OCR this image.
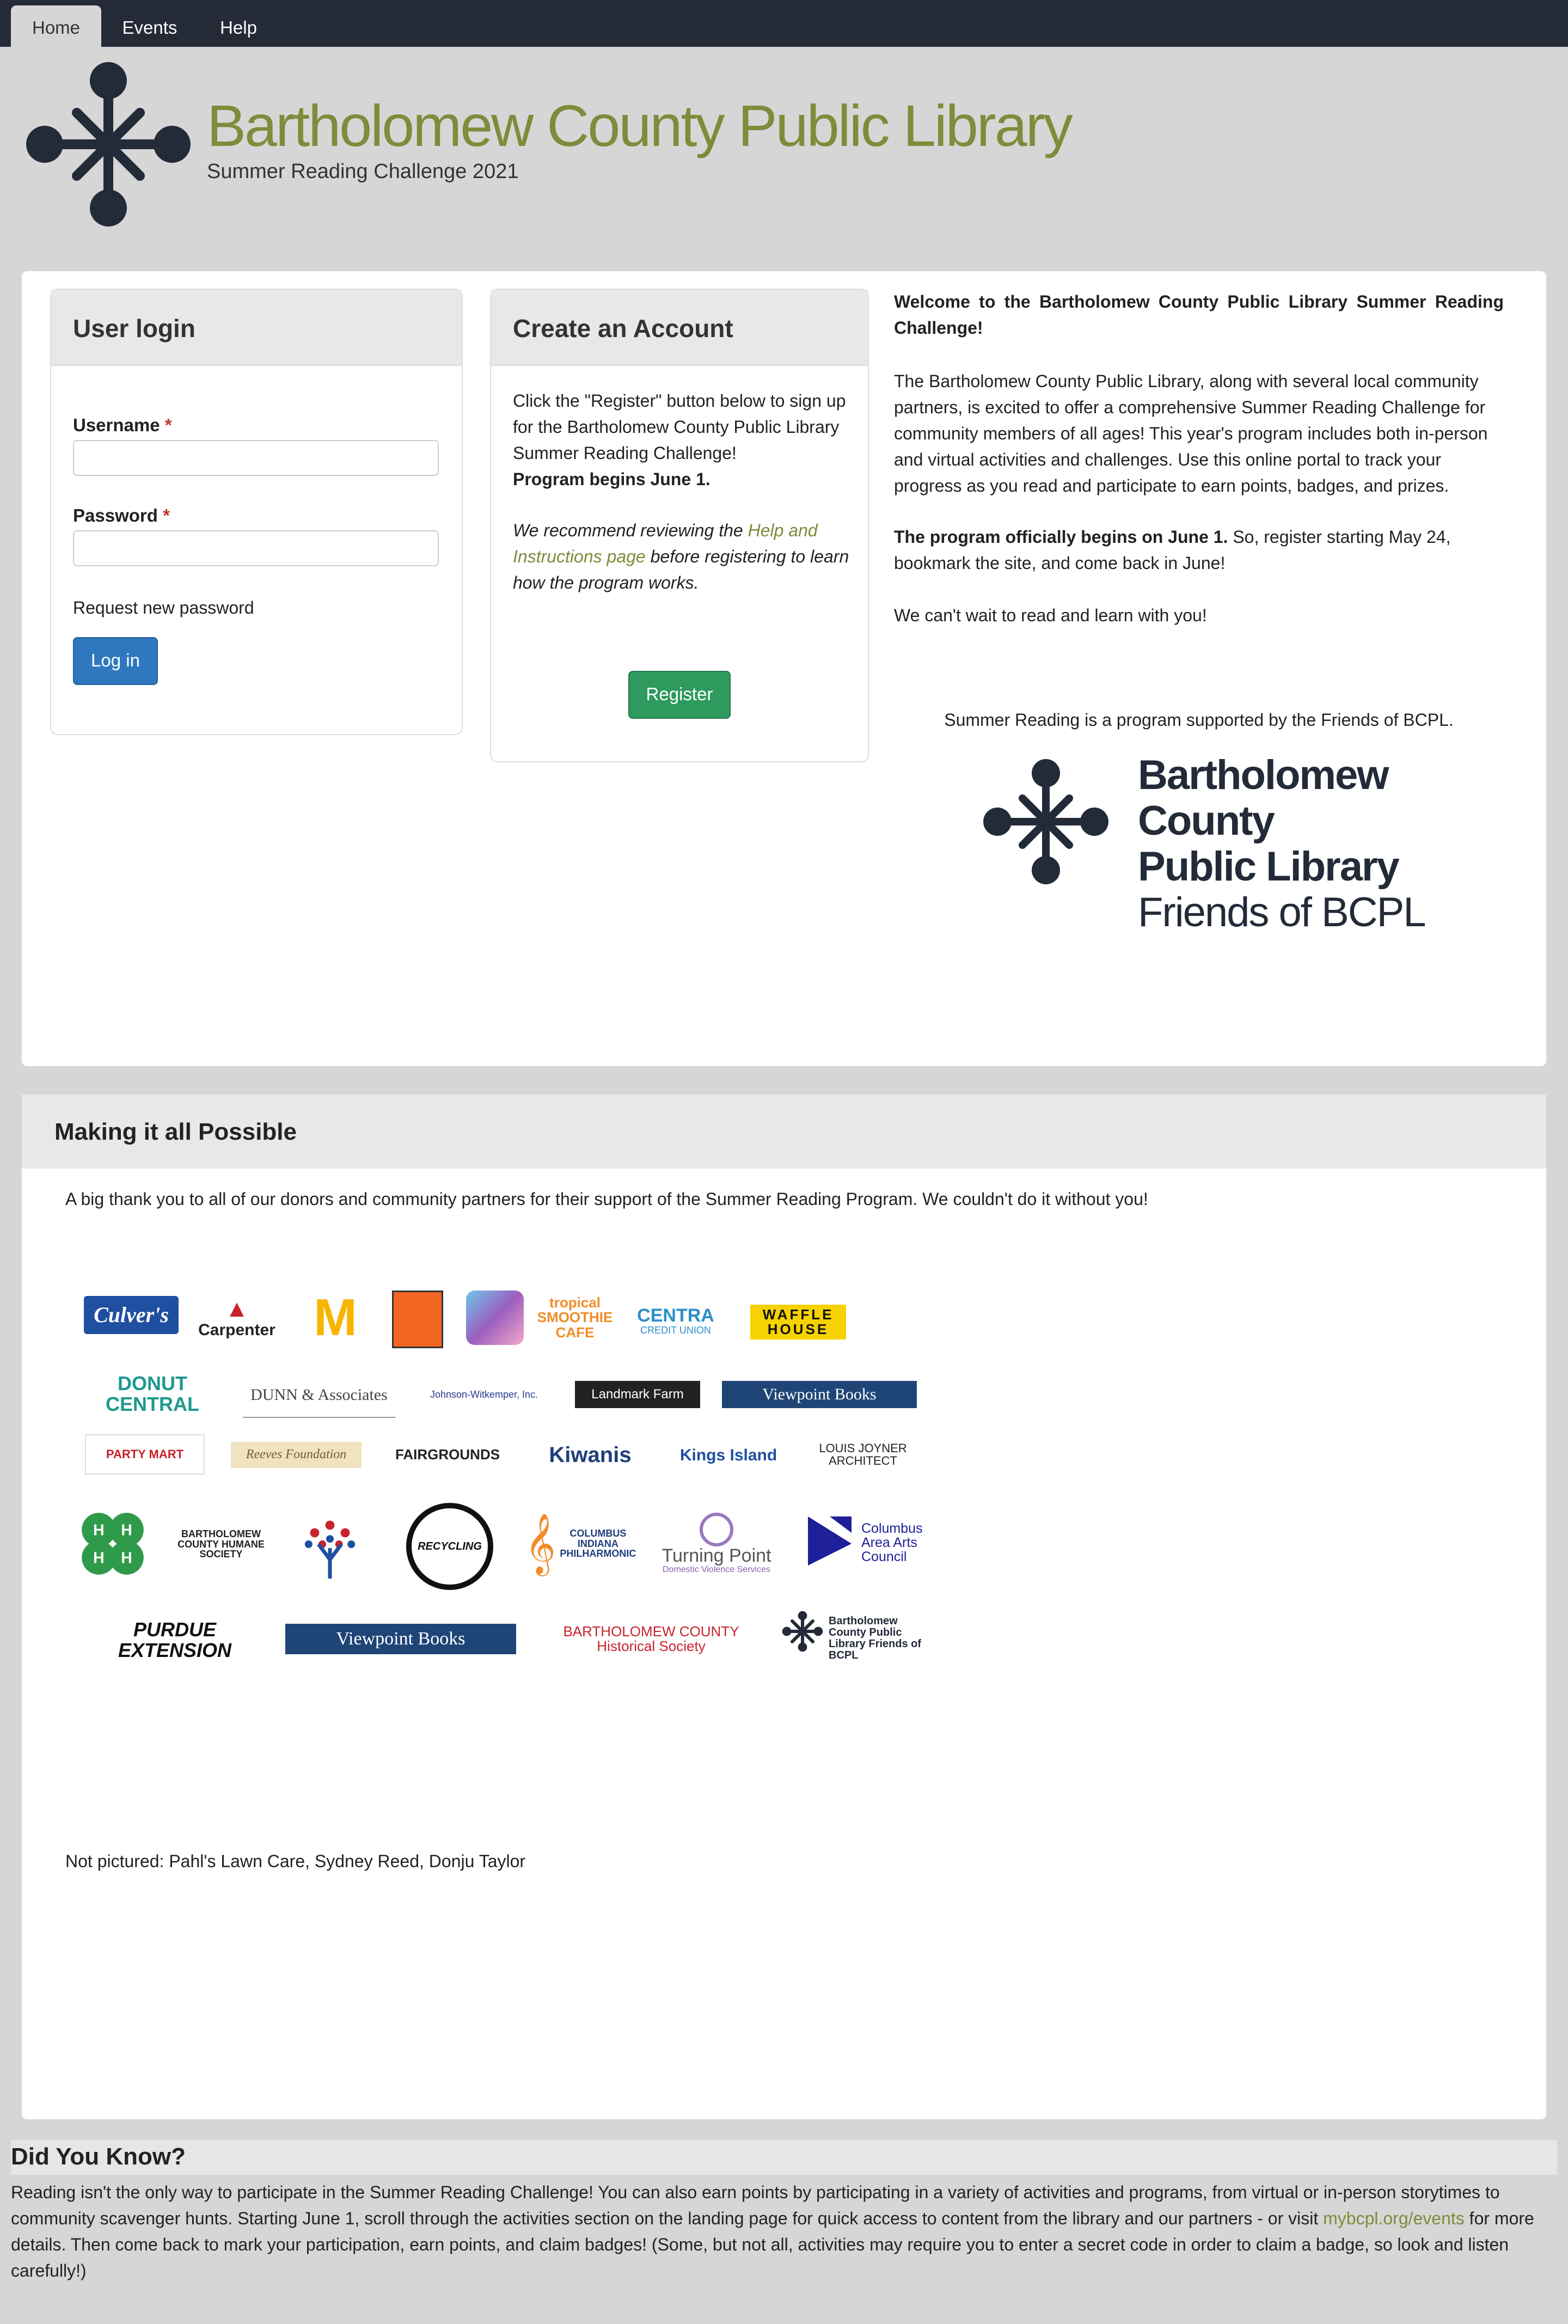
Home	Events	Help
Bartholomew County Public Library
Summer Reading Challenge 2021
User login
Username *
Password *
Request new password
Log in
Create an Account
Click the "Register" button below to sign up for the Bartholomew County Public Library Summer Reading Challenge!
Program begins June 1.
We recommend reviewing the Help and Instructions page before registering to learn how the program works.
Register
Welcome to the Bartholomew County Public Library Summer Reading Challenge!
The Bartholomew County Public Library, along with several local community partners, is excited to offer a comprehensive Summer Reading Challenge for community members of all ages! This year's program includes both in-person and virtual activities and challenges. Use this online portal to track your progress as you read and participate to earn points, badges, and prizes.
The program officially begins on June 1. So, register starting May 24, bookmark the site, and come back in June!
We can't wait to read and learn with you!
Summer Reading is a program supported by the Friends of BCPL.
Bartholomew
County
Public Library
Friends of BCPL
Making it all Possible
A big thank you to all of our donors and community partners for their support of the Summer Reading Program. We couldn't do it without you!
Culver's	▲
Carpenter M	tropical SMOOTHIE CAFE
CENTRA
CREDIT UNION
WAFFLE HOUSE
DONUT CENTRAL	DUNN & Associates	Johnson-Witkemper, Inc.	Landmark Farm	Viewpoint Books
PARTY MART	Reeves Foundation	FAIRGROUNDS	Kiwanis	Kings Island	LOUIS JOYNER ARCHITECT
H H
H H
BARTHOLOMEW COUNTY HUMANE SOCIETY
RECYCLING 𝄞	COLUMBUS INDIANA PHILHARMONIC Turning Point
Domestic Violence Services
Columbus Area Arts Council
PURDUE EXTENSION
Viewpoint Books	BARTHOLOMEW COUNTY Historical Society
Bartholomew County Public Library Friends of BCPL
Not pictured: Pahl's Lawn Care, Sydney Reed, Donju Taylor
Did You Know?
Reading isn't the only way to participate in the Summer Reading Challenge! You can also earn points by participating in a variety of activities and programs, from virtual or in-person storytimes to community scavenger hunts. Starting June 1, scroll through the activities section on the landing page for quick access to content from the library and our partners - or visit mybcpl.org/events for more details. Then come back to mark your participation, earn points, and claim badges! (Some, but not all, activities may require you to enter a secret code in order to claim a badge, so look and listen carefully!)
